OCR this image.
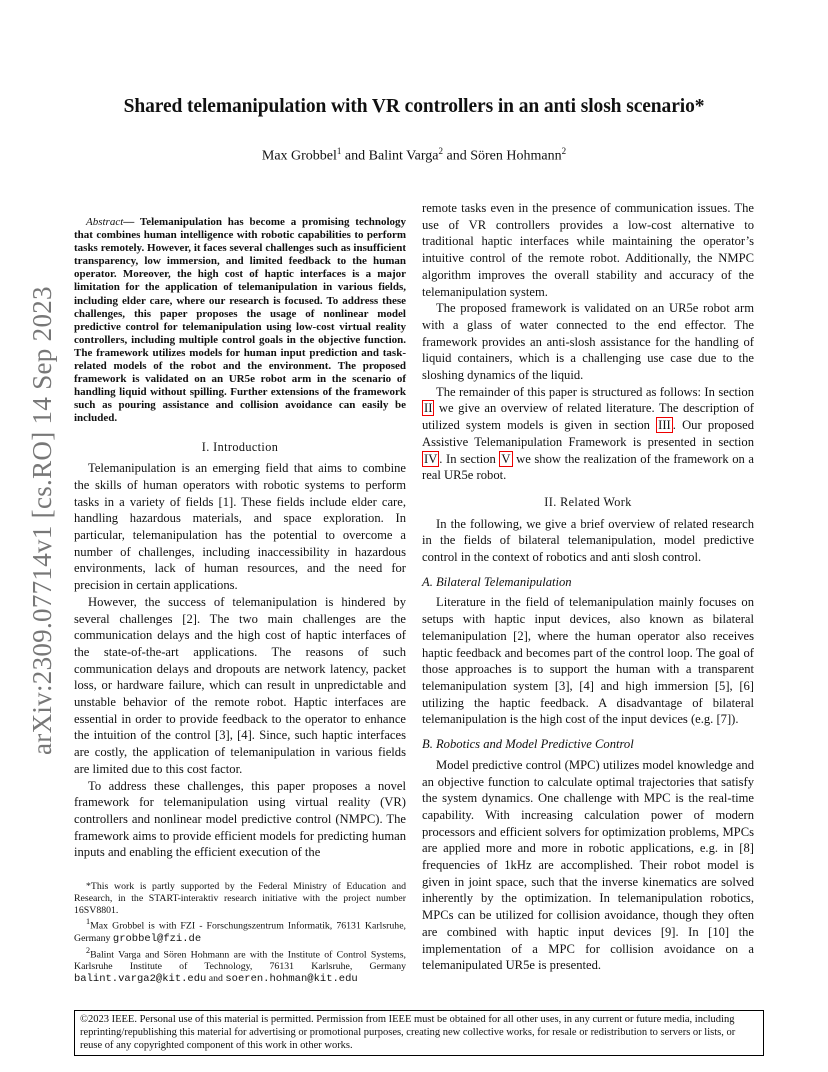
Shared telemanipulation with VR controllers in an anti slosh scenario*
Max Grobbel$^1$ and Balint Varga$^2$ and Sören Hohmann$^2$
arXiv:2309.07714v1 [cs.RO] 14 Sep 2023
Abstract— Telemanipulation has become a promising technology that combines human intelligence with robotic capabilities to perform tasks remotely. However, it faces several challenges such as insufficient transparency, low immersion, and limited feedback to the human operator. Moreover, the high cost of haptic interfaces is a major limitation for the application of telemanipulation in various fields, including elder care, where our research is focused. To address these challenges, this paper proposes the usage of nonlinear model predictive control for telemanipulation using low-cost virtual reality controllers, including multiple control goals in the objective function. The framework utilizes models for human input prediction and task-related models of the robot and the environment. The proposed framework is validated on an UR5e robot arm in the scenario of handling liquid without spilling. Further extensions of the framework such as pouring assistance and collision avoidance can easily be included.
I. Introduction

Telemanipulation is an emerging field that aims to combine the skills of human operators with robotic systems to perform tasks in a variety of fields [1]. These fields include elder care, handling hazardous materials, and space exploration. In particular, telemanipulation has the potential to overcome a number of challenges, including inaccessibility in hazardous environments, lack of human resources, and the need for precision in certain applications.

However, the success of telemanipulation is hindered by several challenges [2]. The two main challenges are the communication delays and the high cost of haptic interfaces of the state-of-the-art applications. The reasons of such communication delays and dropouts are network latency, packet loss, or hardware failure, which can result in unpredictable and unstable behavior of the remote robot. Haptic interfaces are essential in order to provide feedback to the operator to enhance the intuition of the control [3], [4]. Since, such haptic interfaces are costly, the application of telemanipulation in various fields are limited due to this cost factor.

To address these challenges, this paper proposes a novel framework for telemanipulation using virtual reality (VR) controllers and nonlinear model predictive control (NMPC). The framework aims to provide efficient models for predicting human inputs and enabling the efficient execution of the

*This work is partly supported by the Federal Ministry of Education and Research, in the START-interaktiv research initiative with the project number 16SV8801.

$^1$Max Grobbel is with FZI - Forschungszentrum Informatik, 76131 Karlsruhe, Germany grobbel@fzi.de

$^2$Balint Varga and Sören Hohmann are with the Institute of Control Systems, Karlsruhe Institute of Technology, 76131 Karlsruhe, Germany balint.varga2@kit.edu and soeren.hohman@kit.edu

remote tasks even in the presence of communication issues. The use of VR controllers provides a low-cost alternative to traditional haptic interfaces while maintaining the operator’s intuitive control of the remote robot. Additionally, the NMPC algorithm improves the overall stability and accuracy of the telemanipulation system.

The proposed framework is validated on an UR5e robot arm with a glass of water connected to the end effector. The framework provides an anti-slosh assistance for the handling of liquid containers, which is a challenging use case due to the sloshing dynamics of the liquid.

The remainder of this paper is structured as follows: In section II we give an overview of related literature. The description of utilized system models is given in section III . Our proposed Assistive Telemanipulation Framework is presented in section IV . In section V we show the realization of the framework on a real UR5e robot.

II. Related Work

In the following, we give a brief overview of related research in the fields of bilateral telemanipulation, model predictive control in the context of robotics and anti slosh control.

A. Bilateral Telemanipulation

Literature in the field of telemanipulation mainly focuses on setups with haptic input devices, also known as bilateral telemanipulation [2], where the human operator also receives haptic feedback and becomes part of the control loop. The goal of those approaches is to support the human with a transparent telemanipulation system [3], [4] and high immersion [5], [6] utilizing the haptic feedback. A disadvantage of bilateral telemanipulation is the high cost of the input devices (e.g. [7]).

B. Robotics and Model Predictive Control

Model predictive control (MPC) utilizes model knowledge and an objective function to calculate optimal trajectories that satisfy the system dynamics. One challenge with MPC is the real-time capability. With increasing calculation power of modern processors and efficient solvers for optimization problems, MPCs are applied more and more in robotic applications, e.g. in [8] frequencies of 1kHz are accomplished. Their robot model is given in joint space, such that the inverse kinematics are solved inherently by the optimization. In telemanipulation robotics, MPCs can be utilized for collision avoidance, though they often are combined with haptic input devices [9]. In [10] the implementation of a MPC for collision avoidance on a telemanipulated UR5e is presented.

©2023 IEEE. Personal use of this material is permitted. Permission from IEEE must be obtained for all other uses, in any current or future media, including reprinting/republishing this material for advertising or promotional purposes, creating new collective works, for resale or redistribution to servers or lists, or reuse of any copyrighted component of this work in other works.
